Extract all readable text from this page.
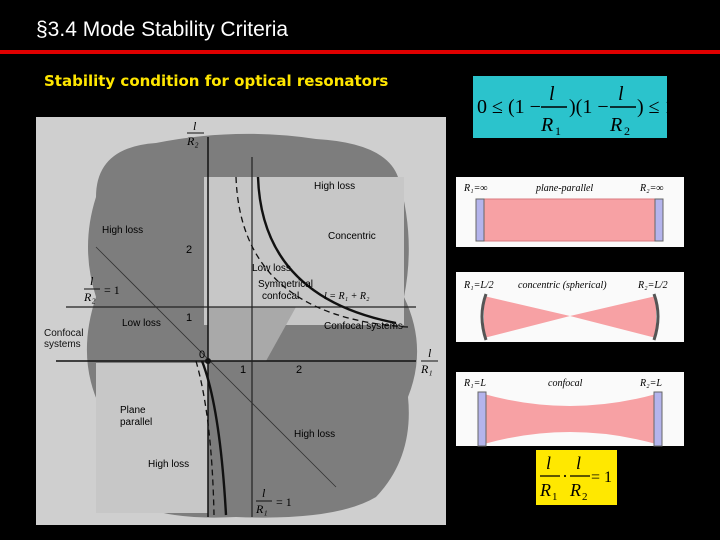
§3.4 Mode Stability Criteria
Stability condition for optical resonators
0 ≤ (1 −
l
R 1
)(1 −
l
R 2
) ≤ 1
l
R₂
l
R₁
2
1
0
1	2
l
R₂ = 1
l
R₁ = 1
High loss
High loss
High loss
High loss
Low loss
Low loss
Concentric
Symmetrical
confocal l = R₁ + R₂
Confocal systems
Confocal
systems
Plane
parallel
R₁=∞	plane-parallel	R₂=∞
R₁=L/2 concentric (spherical)	R₂=L/2
R₁=L	confocal	R₂=L
l
R 1
·
l
R 2
= 1
